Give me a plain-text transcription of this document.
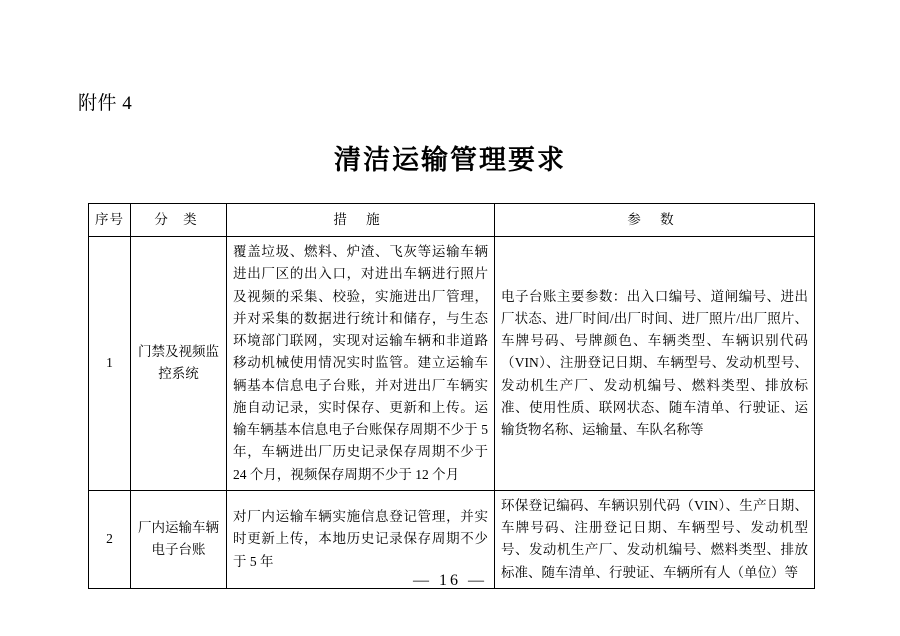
附件 4
清洁运输管理要求
序号	分 类	措 施	参 数
1	门禁及视频监控系统	覆盖垃圾、燃料、炉渣、飞灰等运输车辆进出厂区的出入口，对进出车辆进行照片及视频的采集、校验，实施进出厂管理，并对采集的数据进行统计和储存，与生态环境部门联网，实现对运输车辆和非道路移动机械使用情况实时监管。建立运输车辆基本信息电子台账，并对进出厂车辆实施自动记录，实时保存、更新和上传。运输车辆基本信息电子台账保存周期不少于 5 年，车辆进出厂历史记录保存周期不少于 24 个月，视频保存周期不少于 12 个月	电子台账主要参数：出入口编号、道闸编号、进出厂状态、进厂时间/出厂时间、进厂照片/出厂照片、车牌号码、号牌颜色、车辆类型、车辆识别代码（VIN）、注册登记日期、车辆型号、发动机型号、发动机生产厂、发动机编号、燃料类型、排放标准、使用性质、联网状态、随车清单、行驶证、运输货物名称、运输量、车队名称等
2	厂内运输车辆电子台账	对厂内运输车辆实施信息登记管理，并实时更新上传，本地历史记录保存周期不少于 5 年	环保登记编码、车辆识别代码（VIN）、生产日期、车牌号码、注册登记日期、车辆型号、发动机型号、发动机生产厂、发动机编号、燃料类型、排放标准、随车清单、行驶证、车辆所有人（单位）等
— 16 —
